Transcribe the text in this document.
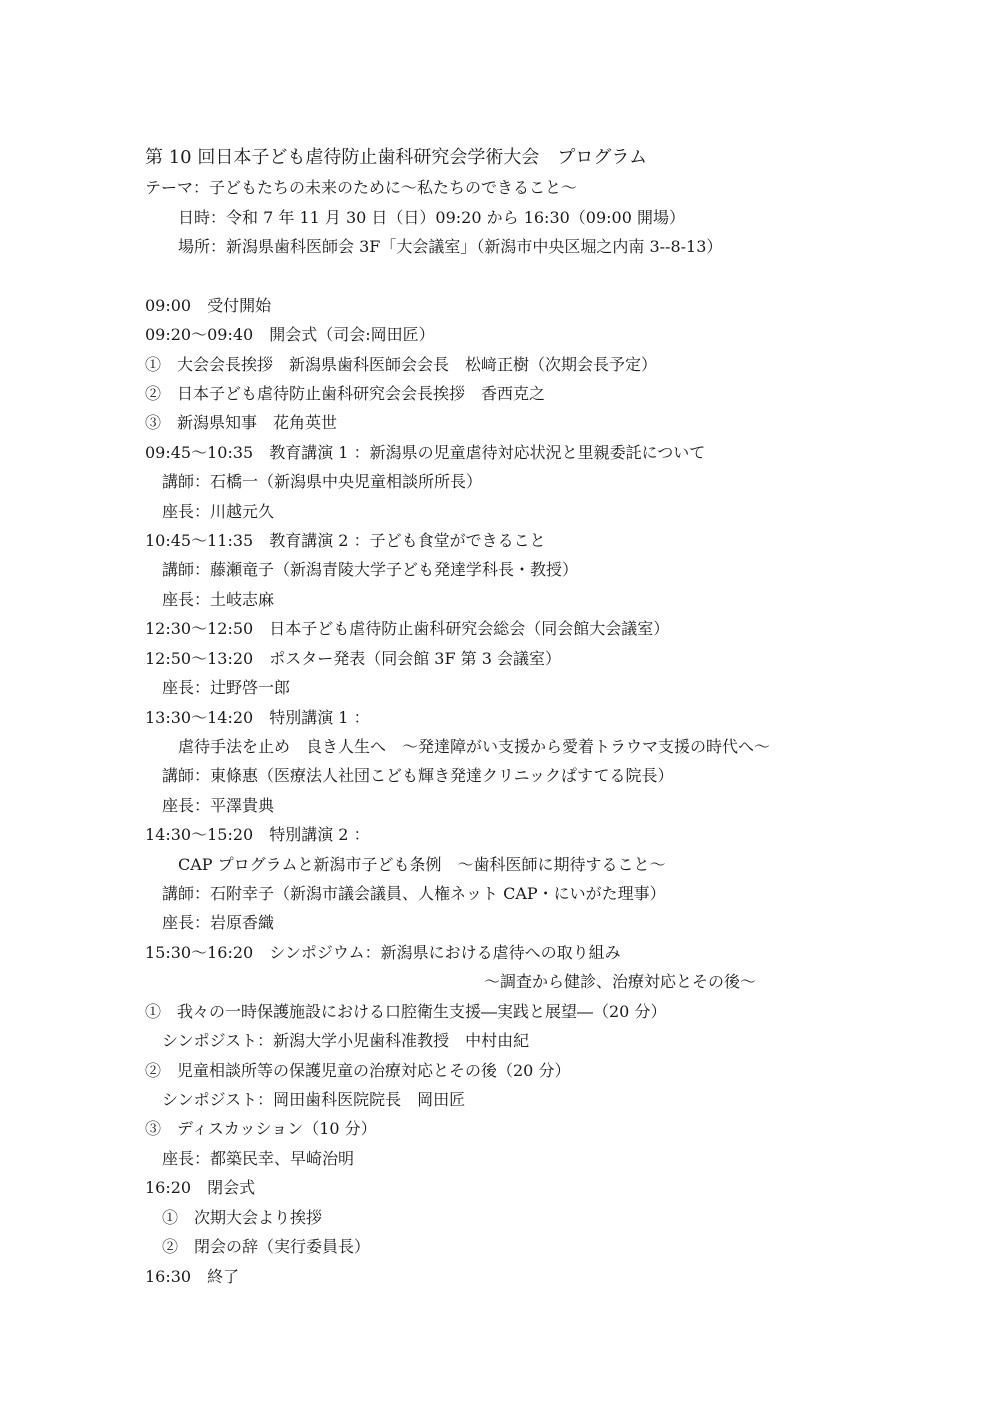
第 10 回日本子ども虐待防止歯科研究会学術大会　プログラム
テーマ：子どもたちの未来のために～私たちのできること～
日時：令和 7 年 11 月 30 日（日）09:20 から 16:30（09:00 開場）
場所：新潟県歯科医師会 3F「大会議室」（新潟市中央区堀之内南 3--8-13）
09:00　受付開始
09:20～09:40　開会式（司会:岡田匠）
①　大会会長挨拶　新潟県歯科医師会会長　松﨑正樹（次期会長予定）
②　日本子ども虐待防止歯科研究会会長挨拶　香西克之
③　新潟県知事　花角英世
09:45～10:35　教育講演 1 ：新潟県の児童虐待対応状況と里親委託について
講師：石橋一（新潟県中央児童相談所所長）
座長：川越元久
10:45～11:35　教育講演 2 ：子ども食堂ができること
講師：藤瀬竜子（新潟青陵大学子ども発達学科長・教授）
座長：土岐志麻
12:30～12:50　日本子ども虐待防止歯科研究会総会（同会館大会議室）
12:50～13:20　ポスター発表（同会館 3F 第 3 会議室）
座長：辻野啓一郎
13:30～14:20　特別講演 1 ：
虐待手法を止め　良き人生へ　～発達障がい支援から愛着トラウマ支援の時代へ～
講師：東條惠（医療法人社団こども輝き発達クリニックぱすてる院長）
座長：平澤貴典
14:30～15:20　特別講演 2 ：
CAP プログラムと新潟市子ども条例　～歯科医師に期待すること～
講師：石附幸子（新潟市議会議員、人権ネット CAP・にいがた理事）
座長：岩原香織
15:30～16:20　シンポジウム：新潟県における虐待への取り組み
～調査から健診、治療対応とその後～
①　我々の一時保護施設における口腔衛生支援―実践と展望―（20 分）
シンポジスト：新潟大学小児歯科准教授　中村由紀
②　児童相談所等の保護児童の治療対応とその後（20 分）
シンポジスト：岡田歯科医院院長　岡田匠
③　ディスカッション（10 分）
座長：都築民幸、早崎治明
16:20　閉会式
①　次期大会より挨拶
②　閉会の辞（実行委員長）
16:30　終了
